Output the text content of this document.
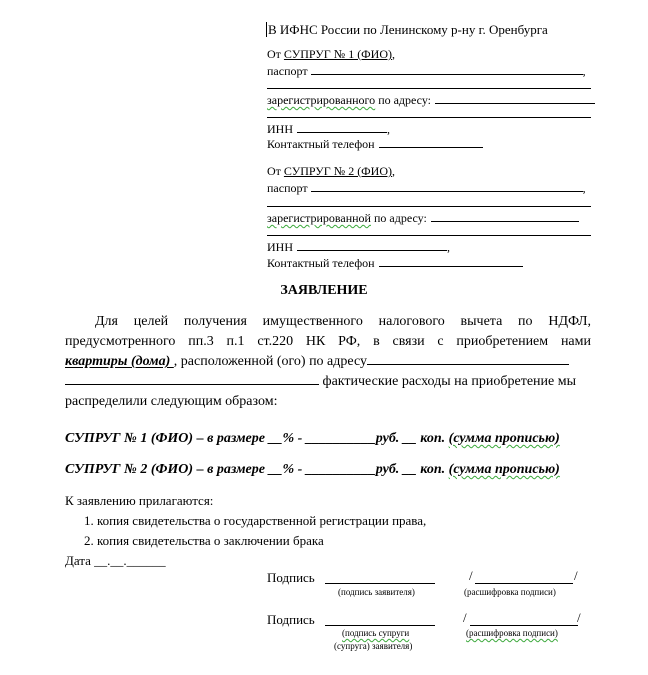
В ИФНС России по Ленинскому р-ну г. Оренбурга
От СУПРУГ № 1 (ФИО),
паспорт	,
зарегистрированного по адресу:
ИНН	,
Контактный телефон
От СУПРУГ № 2 (ФИО),
паспорт	,
зарегистрированной по адресу:
ИНН	,
Контактный телефон
ЗАЯВЛЕНИЕ
Для целей получения имущественного налогового вычета по НДФЛ,
предусмотренного пп.3 п.1 ст.220 НК РФ, в связи с приобретением нами
квартиры (дома) , расположенной (ого) по адресу
фактические расходы на приобретение мы
распределили следующим образом:
СУПРУГ № 1 (ФИО) – в размере __% - __________руб. __ коп. (сумма прописью)
СУПРУГ № 2 (ФИО) – в размере __% - __________руб. __ коп. (сумма прописью)
К заявлению прилагаются:
1. копия свидетельства о государственной регистрации права,
2. копия свидетельства о заключении брака
Дата __.__.______
Подпись	/	/
(подпись заявителя)	(расшифровка подписи)
Подпись	/	/
(подпись супруги	(расшифровка подписи)
(супруга) заявителя)
